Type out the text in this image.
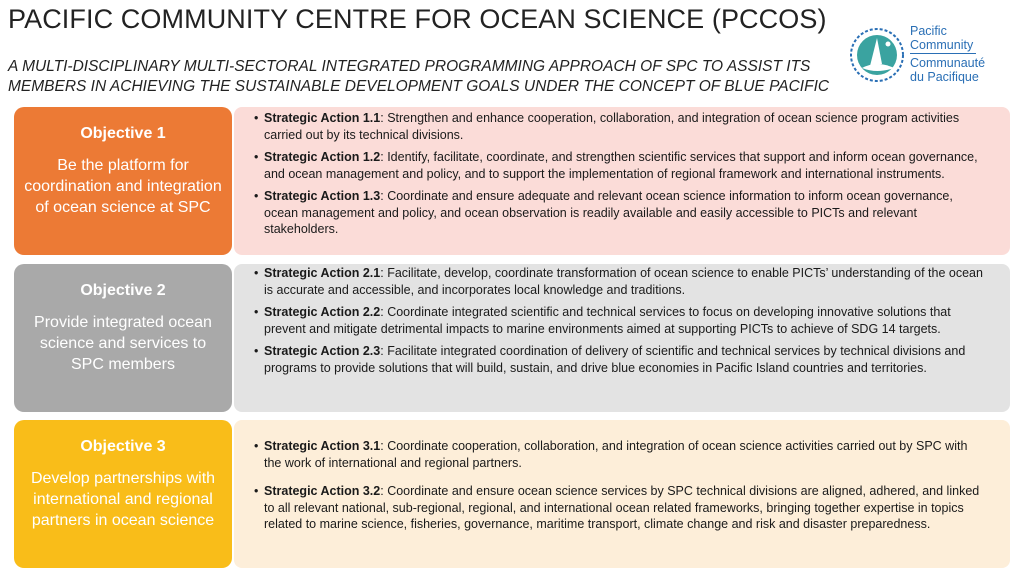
PACIFIC COMMUNITY CENTRE FOR OCEAN SCIENCE (PCCOS)
A MULTI-DISCIPLINARY MULTI-SECTORAL INTEGRATED PROGRAMMING APPROACH OF SPC TO ASSIST ITS MEMBERS IN ACHIEVING THE SUSTAINABLE DEVELOPMENT GOALS UNDER THE CONCEPT OF BLUE PACIFIC
Pacific
Community
Communauté
du Pacifique
Objective 1
Be the platform for coordination and integration of ocean science at SPC
• Strategic Action 1.1: Strengthen and enhance cooperation, collaboration, and integration of ocean science program activities carried out by its technical divisions.
• Strategic Action 1.2: Identify, facilitate, coordinate, and strengthen scientific services that support and inform ocean governance, and ocean management and policy, and to support the implementation of regional framework and international instruments.
• Strategic Action 1.3: Coordinate and ensure adequate and relevant ocean science information to inform ocean governance, ocean management and policy, and ocean observation is readily available and easily accessible to PICTs and relevant stakeholders.
Objective 2
Provide integrated ocean science and services to SPC members
• Strategic Action 2.1: Facilitate, develop, coordinate transformation of ocean science to enable PICTs’ understanding of the ocean is accurate and accessible, and incorporates local knowledge and traditions.
• Strategic Action 2.2: Coordinate integrated scientific and technical services to focus on developing innovative solutions that prevent and mitigate detrimental impacts to marine environments aimed at supporting PICTs to achieve of SDG 14 targets.
• Strategic Action 2.3: Facilitate integrated coordination of delivery of scientific and technical services by technical divisions and programs to provide solutions that will build, sustain, and drive blue economies in Pacific Island countries and territories.
Objective 3
Develop partnerships with international and regional partners in ocean science
• Strategic Action 3.1: Coordinate cooperation, collaboration, and integration of ocean science activities carried out by SPC with the work of international and regional partners.
• Strategic Action 3.2: Coordinate and ensure ocean science services by SPC technical divisions are aligned, adhered, and linked to all relevant national, sub-regional, regional, and international ocean related frameworks, bringing together expertise in topics related to marine science, fisheries, governance, maritime transport, climate change and risk and disaster preparedness.
